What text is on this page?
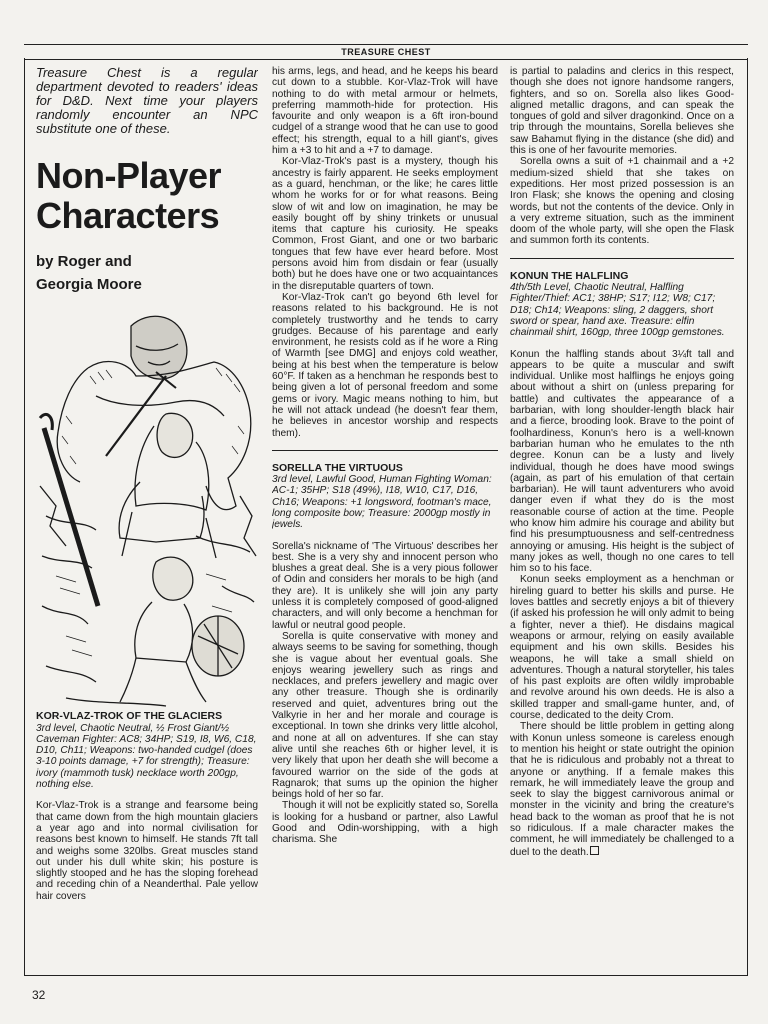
TREASURE CHEST
Treasure Chest is a regular department devoted to readers' ideas for D&D. Next time your players randomly encounter an NPC substitute one of these.
Non-Player
Characters
by Roger and
Georgia Moore
KOR-VLAZ-TROK OF THE GLACIERS

3rd level, Chaotic Neutral, ½ Frost Giant/½ Caveman Fighter: AC8; 34HP; S19, I8, W6, C18, D10, Ch11; Weapons: two-handed cudgel (does 3-10 points damage, +7 for strength); Treasure: ivory (mammoth tusk) necklace worth 200gp, nothing else.

Kor-Vlaz-Trok is a strange and fearsome being that came down from the high mountain glaciers a year ago and into normal civilisation for reasons best known to himself. He stands 7ft tall and weighs some 320lbs. Great muscles stand out under his dull white skin; his posture is slightly stooped and he has the sloping forehead and receding chin of a Neanderthal. Pale yellow hair covers

his arms, legs, and head, and he keeps his beard cut down to a stubble. Kor-Vlaz-Trok will have nothing to do with metal armour or helmets, preferring mammoth-hide for protection. His favourite and only weapon is a 6ft iron-bound cudgel of a strange wood that he can use to good effect; his strength, equal to a hill giant's, gives him a +3 to hit and a +7 to damage.

Kor-Vlaz-Trok's past is a mystery, though his ancestry is fairly apparent. He seeks employment as a guard, henchman, or the like; he cares little whom he works for or for what reasons. Being slow of wit and low on imagination, he may be easily bought off by shiny trinkets or unusual items that capture his curiosity. He speaks Common, Frost Giant, and one or two barbaric tongues that few have ever heard before. Most persons avoid him from disdain or fear (usually both) but he does have one or two acquaintances in the disreputable quarters of town.

Kor-Vlaz-Trok can't go beyond 6th level for reasons related to his background. He is not completely trustworthy and he tends to carry grudges. Because of his parentage and early environment, he resists cold as if he wore a Ring of Warmth [see DMG] and enjoys cold weather, being at his best when the temperature is below 60°F. If taken as a henchman he responds best to being given a lot of personal freedom and some gems or ivory. Magic means nothing to him, but he will not attack undead (he doesn't fear them, he believes in ancestor worship and respects them).

SORELLA THE VIRTUOUS

3rd level, Lawful Good, Human Fighting Woman: AC-1; 35HP; S18 (49%), I18, W10, C17, D16, Ch16; Weapons: +1 longsword, footman's mace, long composite bow; Treasure: 2000gp mostly in jewels.

Sorella's nickname of 'The Virtuous' describes her best. She is a very shy and innocent person who blushes a great deal. She is a very pious follower of Odin and considers her morals to be high (and they are). It is unlikely she will join any party unless it is completely composed of good-aligned characters, and will only become a henchman for lawful or neutral good people.

Sorella is quite conservative with money and always seems to be saving for something, though she is vague about her eventual goals. She enjoys wearing jewellery such as rings and necklaces, and prefers jewellery and magic over any other treasure. Though she is ordinarily reserved and quiet, adventures bring out the Valkyrie in her and her morale and courage is exceptional. In town she drinks very little alcohol, and none at all on adventures. If she can stay alive until she reaches 6th or higher level, it is very likely that upon her death she will become a favoured warrior on the side of the gods at Ragnarok; that sums up the opinion the higher beings hold of her so far.

Though it will not be explicitly stated so, Sorella is looking for a husband or partner, also Lawful Good and Odin-worshipping, with a high charisma. She

is partial to paladins and clerics in this respect, though she does not ignore handsome rangers, fighters, and so on. Sorella also likes Good-aligned metallic dragons, and can speak the tongues of gold and silver dragonkind. Once on a trip through the mountains, Sorella believes she saw Bahamut flying in the distance (she did) and this is one of her favourite memories.

Sorella owns a suit of +1 chainmail and a +2 medium-sized shield that she takes on expeditions. Her most prized possession is an Iron Flask; she knows the opening and closing words, but not the contents of the device. Only in a very extreme situation, such as the imminent doom of the whole party, will she open the Flask and summon forth its contents.

KONUN THE HALFLING

4th/5th Level, Chaotic Neutral, Halfling Fighter/Thief: AC1; 38HP; S17; I12; W8; C17; D18; Ch14; Weapons: sling, 2 daggers, short sword or spear, hand axe. Treasure: elfin chainmail shirt, 160gp, three 100gp gemstones.

Konun the halfling stands about 3¼ft tall and appears to be quite a muscular and swift individual. Unlike most halflings he enjoys going about without a shirt on (unless preparing for battle) and cultivates the appearance of a barbarian, with long shoulder-length black hair and a fierce, brooding look. Brave to the point of foolhardiness, Konun's hero is a well-known barbarian human who he emulates to the nth degree. Konun can be a lusty and lively individual, though he does have mood swings (again, as part of his emulation of that certain barbarian). He will taunt adventurers who avoid danger even if what they do is the most reasonable course of action at the time. People who know him admire his courage and ability but find his presumptuousness and self-centredness annoying or amusing. His height is the subject of many jokes as well, though no one cares to tell him so to his face.

Konun seeks employment as a henchman or hireling guard to better his skills and purse. He loves battles and secretly enjoys a bit of thievery (if asked his profession he will only admit to being a fighter, never a thief). He disdains magical weapons or armour, relying on easily available equipment and his own skills. Besides his weapons, he will take a small shield on adventures. Though a natural storyteller, his tales of his past exploits are often wildly improbable and revolve around his own deeds. He is also a skilled trapper and small-game hunter, and, of course, dedicated to the deity Crom.

There should be little problem in getting along with Konun unless someone is careless enough to mention his height or state outright the opinion that he is ridiculous and probably not a threat to anyone or anything. If a female makes this remark, he will immediately leave the group and seek to slay the biggest carnivorous animal or monster in the vicinity and bring the creature's head back to the woman as proof that he is not so ridiculous. If a male character makes the comment, he will immediately be challenged to a duel to the death.

32
